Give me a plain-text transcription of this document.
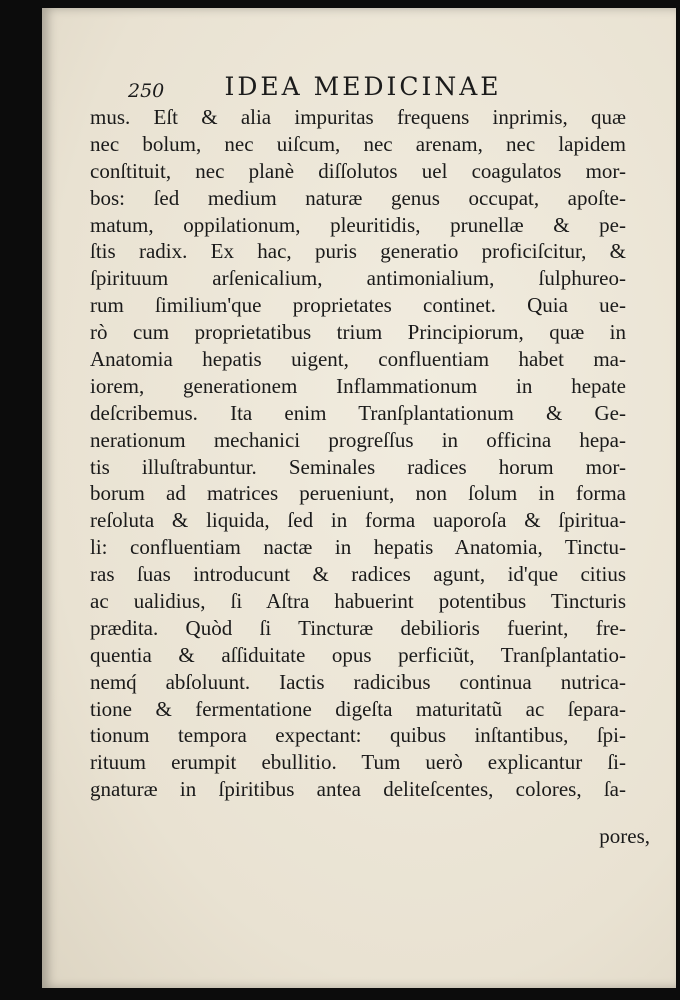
250	IDEA MEDICINAE
mus. Eſt & alia impuritas frequens inprimis, quæ
nec bolum, nec uiſcum, nec arenam, nec lapidem
conſtituit, nec planè diſſolutos uel coagulatos mor-
bos: ſed medium naturæ genus occupat, apoſte-
matum, oppilationum, pleuritidis, prunellæ & pe-
ſtis radix. Ex hac, puris generatio proficiſcitur, &
ſpirituum arſenicalium, antimonialium, ſulphureo-
rum ſimilium'que proprietates continet. Quia ue-
rò cum proprietatibus trium Principiorum, quæ in
Anatomia hepatis uigent, confluentiam habet ma-
iorem, generationem Inflammationum in hepate
deſcribemus. Ita enim Tranſplantationum & Ge-
nerationum mechanici progreſſus in officina hepa-
tis illuſtrabuntur. Seminales radices horum mor-
borum ad matrices perueniunt, non ſolum in forma
reſoluta & liquida, ſed in forma uaporoſa & ſpiritua-
li: confluentiam nactæ in hepatis Anatomia, Tinctu-
ras ſuas introducunt & radices agunt, id'que citius
ac ualidius, ſi Aſtra habuerint potentibus Tincturis
prædita. Quòd ſi Tincturæ debilioris fuerint, fre-
quentia & aſſiduitate opus perficiũt, Tranſplantatio-
nemq́ abſoluunt. Iactis radicibus continua nutrica-
tione & fermentatione digeſta maturitatũ ac ſepara-
tionum tempora expectant: quibus inſtantibus, ſpi-
rituum erumpit ebullitio. Tum uerò explicantur ſi-
gnaturæ in ſpiritibus antea deliteſcentes, colores, ſa-
pores,
